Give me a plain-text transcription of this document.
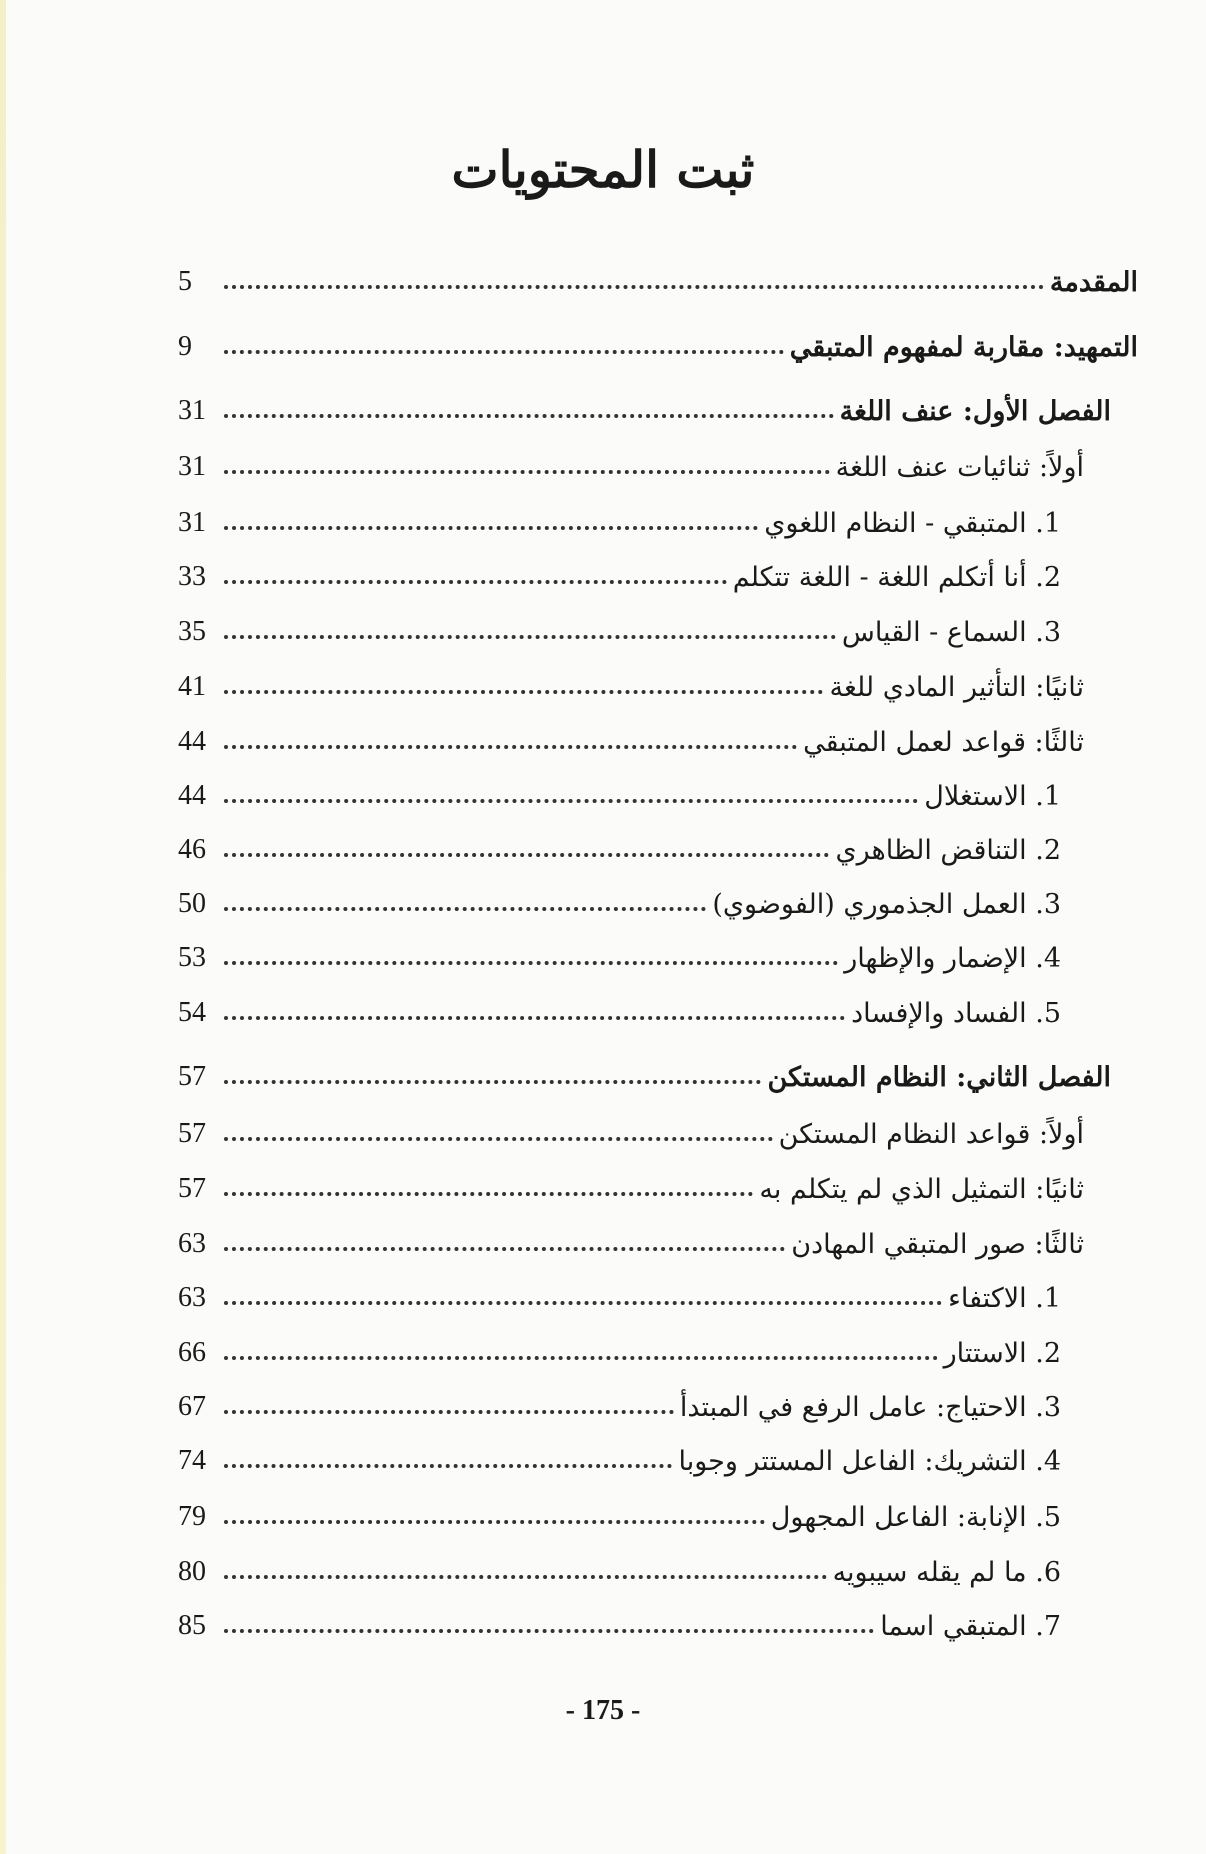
ثبت المحتويات
المقدمة
5
التمهيد: مقاربة لمفهوم المتبقي
9
الفصل الأول: عنف اللغة
31
أولاً: ثنائيات عنف اللغة
31
1. المتبقي - النظام اللغوي
31
2. أنا أتكلم اللغة - اللغة تتكلم
33
3. السماع - القياس
35
ثانيًا: التأثير المادي للغة
41
ثالثًا: قواعد لعمل المتبقي
44
1. الاستغلال
44
2. التناقض الظاهري
46
3. العمل الجذموري (الفوضوي)
50
4. الإضمار والإظهار
53
5. الفساد والإفساد
54
الفصل الثاني: النظام المستكن
57
أولاً: قواعد النظام المستكن
57
ثانيًا: التمثيل الذي لم يتكلم به
57
ثالثًا: صور المتبقي المهادن
63
1. الاكتفاء
63
2. الاستتار
66
3. الاحتياج: عامل الرفع في المبتدأ
67
4. التشريك: الفاعل المستتر وجوبا
74
5. الإنابة: الفاعل المجهول
79
6. ما لم يقله سيبويه
80
7. المتبقي اسما
85
- 175 -
